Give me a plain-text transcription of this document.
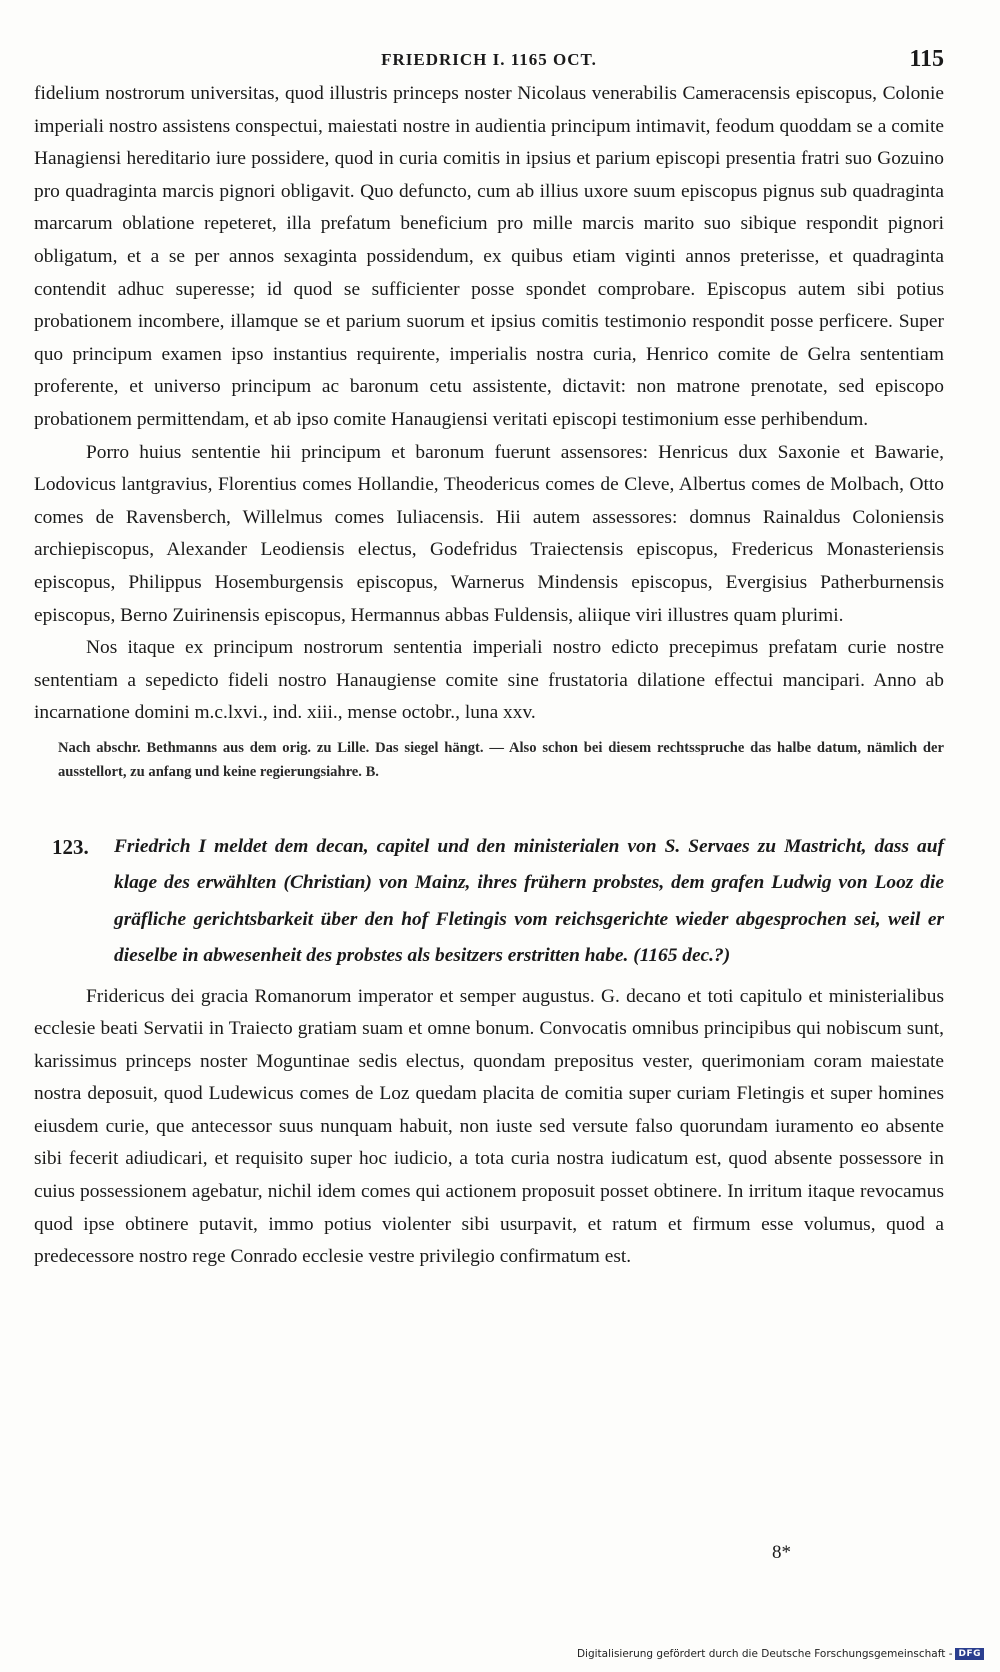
FRIEDRICH I. 1165 OCT.	115

fidelium nostrorum universitas, quod illustris princeps noster Nicolaus venerabilis Cameracensis episcopus, Colonie imperiali nostro assistens conspectui, maiestati nostre in audientia principum intimavit, feodum quoddam se a comite Hanagiensi hereditario iure possidere, quod in curia comitis in ipsius et parium episcopi presentia fratri suo Gozuino pro quadraginta marcis pignori obligavit. Quo defuncto, cum ab illius uxore suum episcopus pignus sub quadraginta marcarum oblatione repeteret, illa prefatum beneficium pro mille marcis marito suo sibique respondit pignori obligatum, et a se per annos sexaginta possidendum, ex quibus etiam viginti annos preterisse, et quadraginta contendit adhuc superesse; id quod se sufficienter posse spondet comprobare. Episcopus autem sibi potius probationem incombere, illamque se et parium suorum et ipsius comitis testimonio respondit posse perficere. Super quo principum examen ipso instantius requirente, imperialis nostra curia, Henrico comite de Gelra sententiam proferente, et universo principum ac baronum cetu assistente, dictavit: non matrone prenotate, sed episcopo probationem permittendam, et ab ipso comite Hanaugiensi veritati episcopi testimonium esse perhibendum.

Porro huius sententie hii principum et baronum fuerunt assensores: Henricus dux Saxonie et Bawarie, Lodovicus lantgravius, Florentius comes Hollandie, Theodericus comes de Cleve, Albertus comes de Molbach, Otto comes de Ravensberch, Willelmus comes Iuliacensis. Hii autem assessores: domnus Rainaldus Coloniensis archiepiscopus, Alexander Leodiensis electus, Godefridus Traiectensis episcopus, Fredericus Monasteriensis episcopus, Philippus Hosemburgensis episcopus, Warnerus Mindensis episcopus, Evergisius Patherburnensis episcopus, Berno Zuirinensis episcopus, Hermannus abbas Fuldensis, aliique viri illustres quam plurimi.

Nos itaque ex principum nostrorum sententia imperiali nostro edicto precepimus prefatam curie nostre sententiam a sepedicto fideli nostro Hanaugiense comite sine frustatoria dilatione effectui mancipari. Anno ab incarnatione domini m.c.lxvi., ind. xiii., mense octobr., luna xxv.

Nach abschr. Bethmanns aus dem orig. zu Lille. Das siegel hängt. — Also schon bei diesem rechtsspruche das halbe datum, nämlich der ausstellort, zu anfang und keine regierungsiahre. B.

123.	Friedrich I meldet dem decan, capitel und den ministerialen von S. Servaes zu Mastricht, dass auf klage des erwählten (Christian) von Mainz, ihres frühern probstes, dem grafen Ludwig von Looz die gräfliche gerichtsbarkeit über den hof Fletingis vom reichsgerichte wieder abgesprochen sei, weil er dieselbe in abwesenheit des probstes als besitzers erstritten habe. (1165 dec.?)

Fridericus dei gracia Romanorum imperator et semper augustus. G. decano et toti capitulo et ministerialibus ecclesie beati Servatii in Traiecto gratiam suam et omne bonum. Convocatis omnibus principibus qui nobiscum sunt, karissimus princeps noster Moguntinae sedis electus, quondam prepositus vester, querimoniam coram maiestate nostra deposuit, quod Ludewicus comes de Loz quedam placita de comitia super curiam Fletingis et super homines eiusdem curie, que antecessor suus nunquam habuit, non iuste sed versute falso quorundam iuramento eo absente sibi fecerit adiudicari, et requisito super hoc iudicio, a tota curia nostra iudicatum est, quod absente possessore in cuius possessionem agebatur, nichil idem comes qui actionem proposuit posset obtinere. In irritum itaque revocamus quod ipse obtinere putavit, immo potius violenter sibi usurpavit, et ratum et firmum esse volumus, quod a predecessore nostro rege Conrado ecclesie vestre privilegio confirmatum est.

8*
Digitalisierung gefördert durch die Deutsche Forschungsgemeinschaft - DFG
